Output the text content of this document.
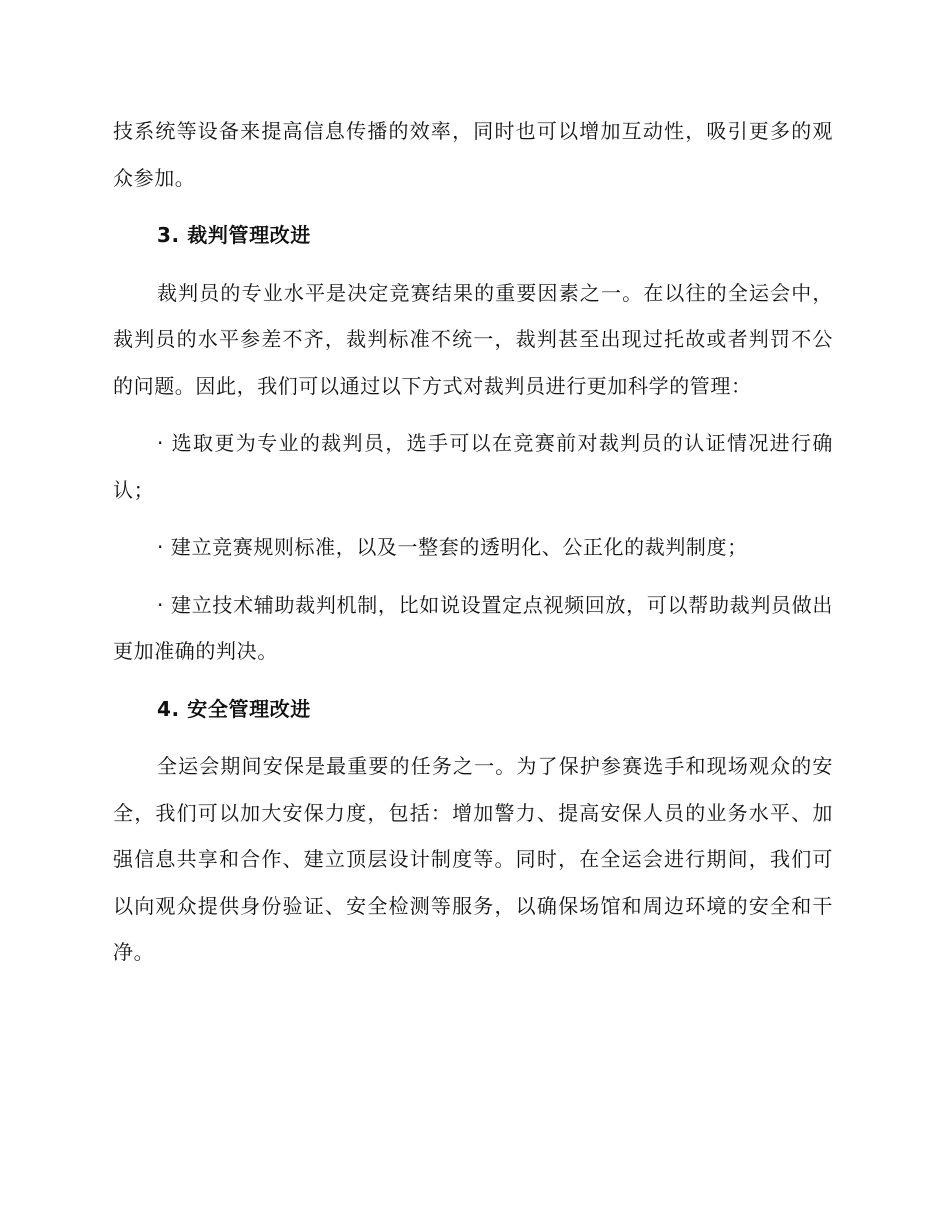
技系统等设备来提高信息传播的效率，同时也可以增加互动性，吸引更多的观众参加。

3. 裁判管理改进

裁判员的专业水平是决定竞赛结果的重要因素之一。在以往的全运会中，裁判员的水平参差不齐，裁判标准不统一，裁判甚至出现过托故或者判罚不公的问题。因此，我们可以通过以下方式对裁判员进行更加科学的管理：

· 选取更为专业的裁判员，选手可以在竞赛前对裁判员的认证情况进行确认；

· 建立竞赛规则标准，以及一整套的透明化、公正化的裁判制度；

· 建立技术辅助裁判机制，比如说设置定点视频回放，可以帮助裁判员做出更加准确的判决。

4. 安全管理改进

全运会期间安保是最重要的任务之一。为了保护参赛选手和现场观众的安全，我们可以加大安保力度，包括：增加警力、提高安保人员的业务水平、加强信息共享和合作、建立顶层设计制度等。同时，在全运会进行期间，我们可以向观众提供身份验证、安全检测等服务，以确保场馆和周边环境的安全和干净。
